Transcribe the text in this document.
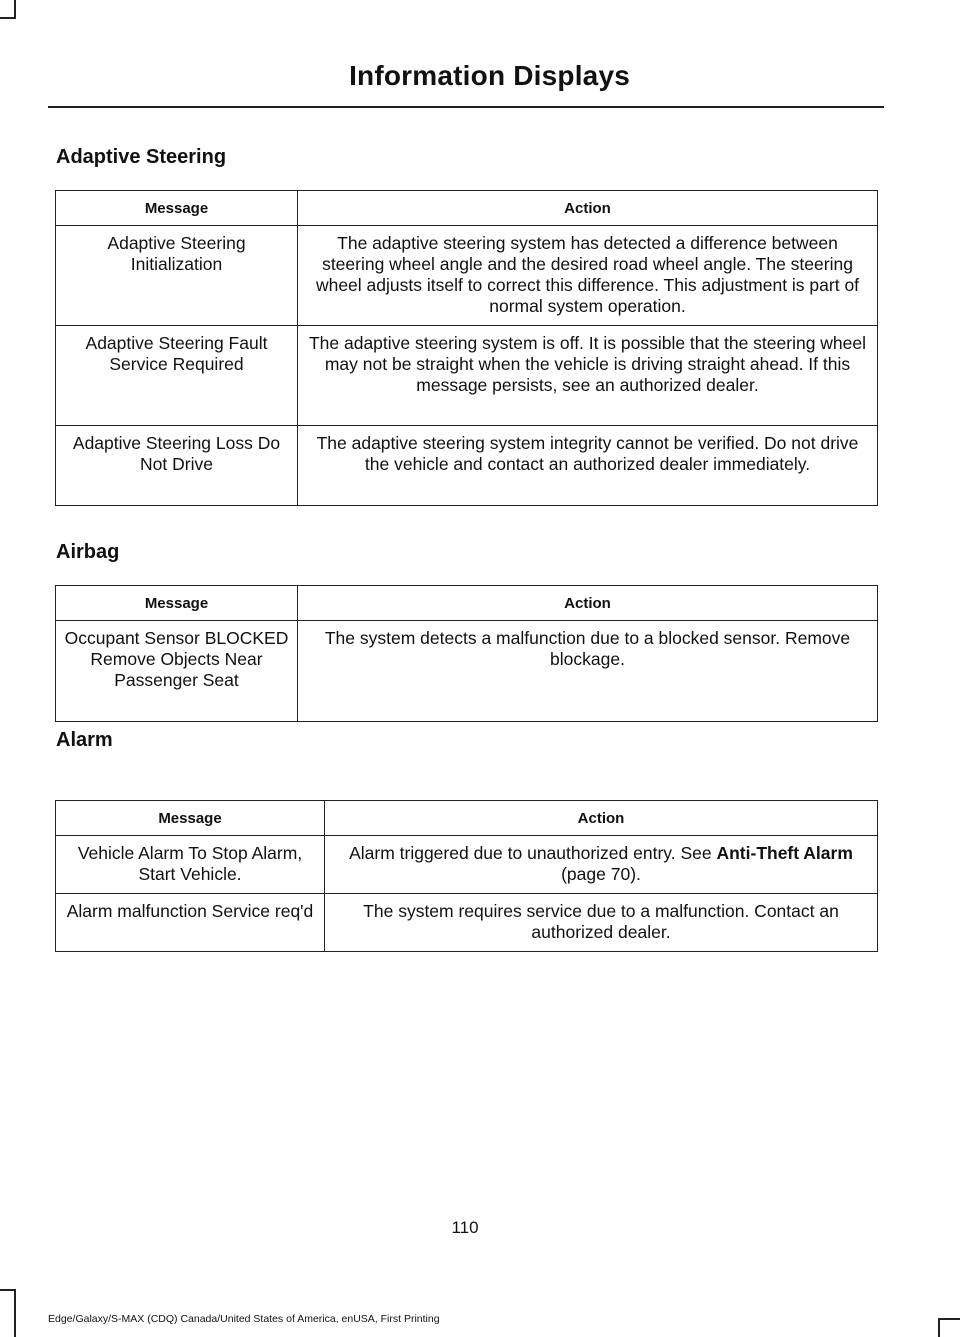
Information Displays
Adaptive Steering
Message	Action
Adaptive Steering Initialization	The adaptive steering system has detected a difference between steering wheel angle and the desired road wheel angle. The steering wheel adjusts itself to correct this difference. This adjustment is part of normal system operation.
Adaptive Steering Fault Service Required	The adaptive steering system is off. It is possible that the steering wheel may not be straight when the vehicle is driving straight ahead. If this message persists, see an authorized dealer.
Adaptive Steering Loss Do Not Drive	The adaptive steering system integrity cannot be verified. Do not drive the vehicle and contact an authorized dealer immediately.
Airbag
Message	Action
Occupant Sensor BLOCKED Remove Objects Near Passenger Seat	The system detects a malfunction due to a blocked sensor. Remove blockage.
Alarm
Message	Action
Vehicle Alarm To Stop Alarm, Start Vehicle.	Alarm triggered due to unauthorized entry. See Anti-Theft Alarm (page 70).
Alarm malfunction Service req'd	The system requires service due to a malfunction. Contact an authorized dealer.
110
Edge/Galaxy/S-MAX (CDQ) Canada/United States of America, enUSA, First Printing
